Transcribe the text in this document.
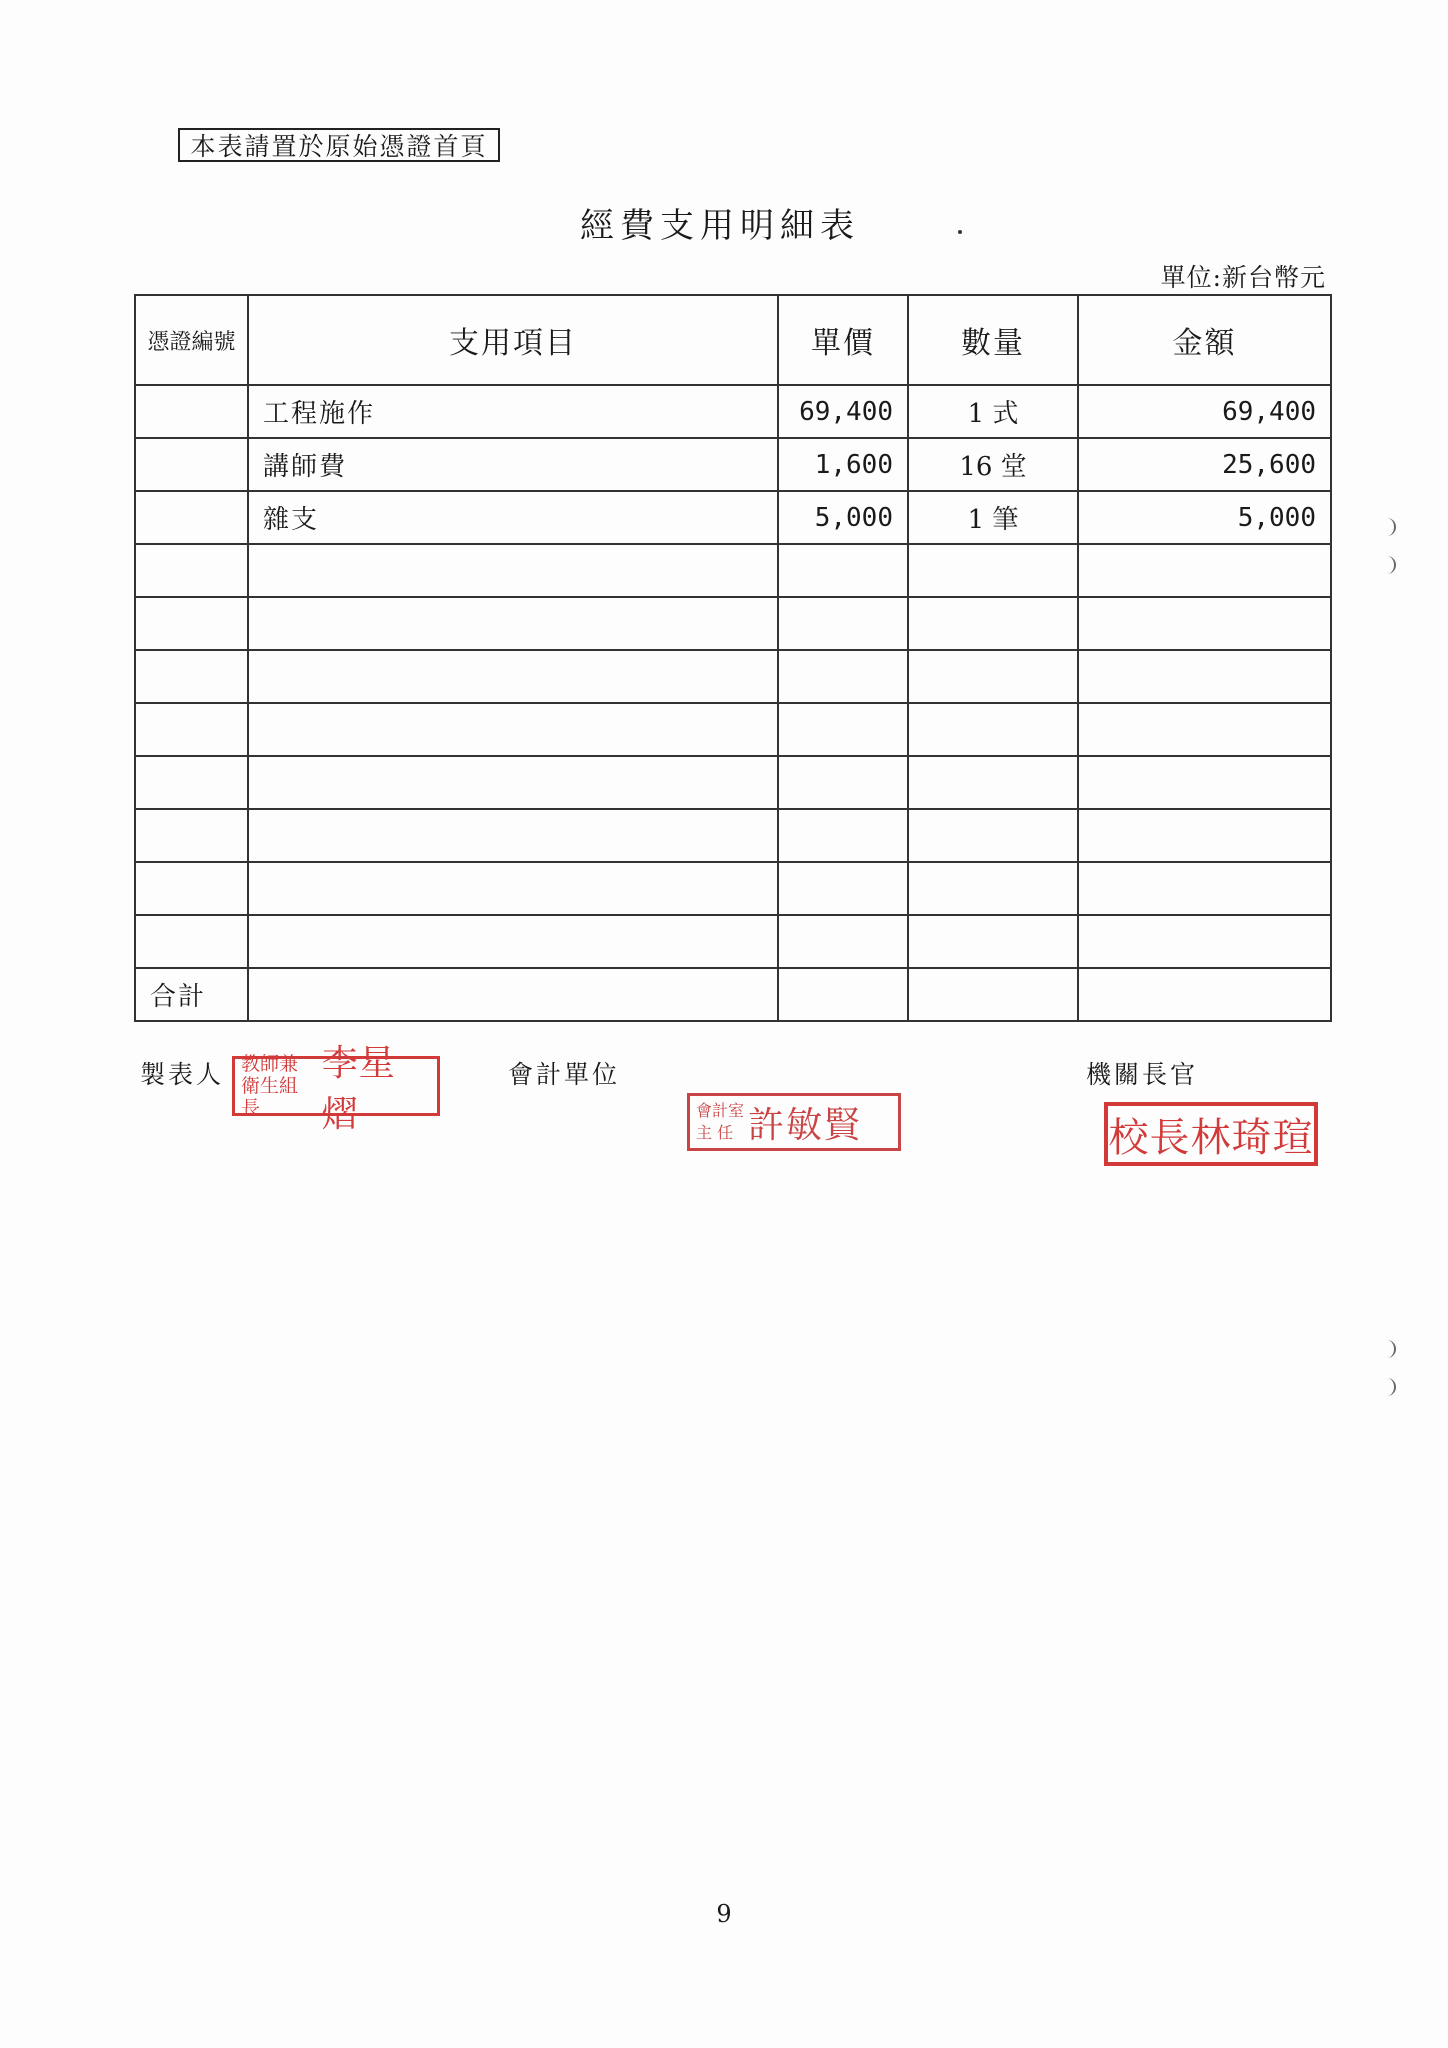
本表請置於原始憑證首頁
經費支用明細表
單位:新台幣元
憑證編號	支用項目	單價	數量	金額
	工程施作	69,400	1 式	69,400
	講師費	1,600	16 堂	25,600
	雜支	5,000	1 筆	5,000

合計				
製表人	會計單位	機關長官
教師兼
衛生組長
李星熠	會計室
主 任 許敏賢	校長林琦瑄
9
